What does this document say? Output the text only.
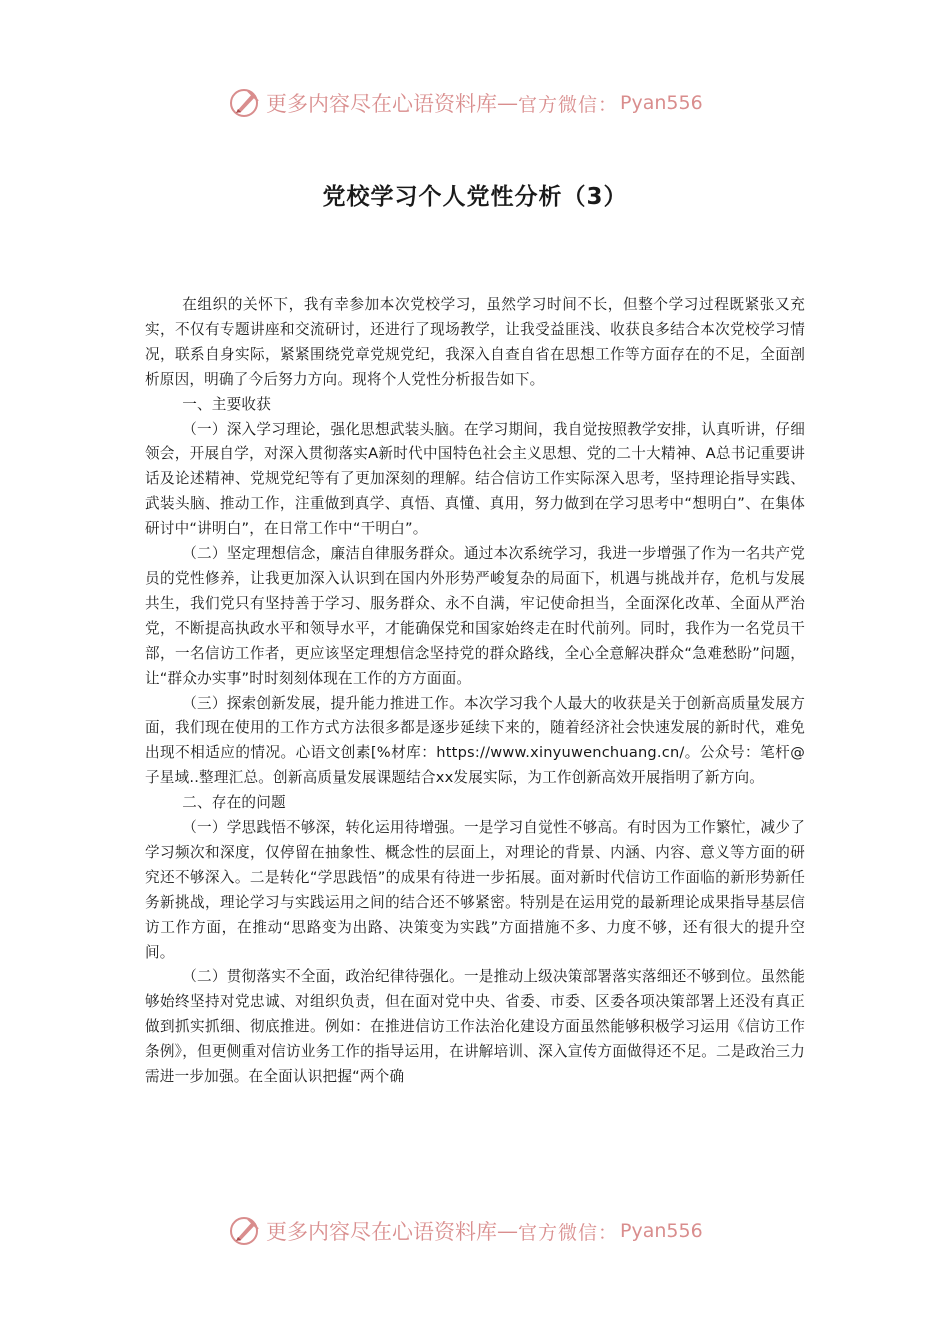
更多内容尽在心语资料库 — 官方微信： Pyan556
党校学习个人党性分析（3）

在组织的关怀下，我有幸参加本次党校学习，虽然学习时间不长，但整个学习过程既紧张又充实，不仅有专题讲座和交流研讨，还进行了现场教学，让我受益匪浅、收获良多结合本次党校学习情况，联系自身实际，紧紧围绕党章党规党纪，我深入自查自省在思想工作等方面存在的不足，全面剖析原因，明确了今后努力方向。现将个人党性分析报告如下。

一、主要收获

（一）深入学习理论，强化思想武装头脑。在学习期间，我自觉按照教学安排，认真听讲，仔细领会，开展自学，对深入贯彻落实A新时代中国特色社会主义思想、党的二十大精神、A总书记重要讲话及论述精神、党规党纪等有了更加深刻的理解。结合信访工作实际深入思考，坚持理论指导实践、武装头脑、推动工作，注重做到真学、真悟、真懂、真用，努力做到在学习思考中“想明白”、在集体研讨中“讲明白”，在日常工作中“干明白”。

（二）坚定理想信念，廉洁自律服务群众。通过本次系统学习，我进一步增强了作为一名共产党员的党性修养，让我更加深入认识到在国内外形势严峻复杂的局面下，机遇与挑战并存，危机与发展共生，我们党只有坚持善于学习、服务群众、永不自满，牢记使命担当，全面深化改革、全面从严治党，不断提高执政水平和领导水平，才能确保党和国家始终走在时代前列。同时，我作为一名党员干部，一名信访工作者，更应该坚定理想信念坚持党的群众路线，全心全意解决群众“急难愁盼”问题，让“群众办实事”时时刻刻体现在工作的方方面面。

（三）探索创新发展，提升能力推进工作。本次学习我个人最大的收获是关于创新高质量发展方面，我们现在使用的工作方式方法很多都是逐步延续下来的，随着经济社会快速发展的新时代，难免出现不相适应的情况。心语文创素[%材库：https://www.xinyuwenchuang.cn/。公众号：笔杆@子星域..整理汇总。创新高质量发展课题结合xx发展实际，为工作创新高效开展指明了新方向。

二、存在的问题

（一）学思践悟不够深，转化运用待增强。一是学习自觉性不够高。有时因为工作繁忙，减少了学习频次和深度，仅停留在抽象性、概念性的层面上，对理论的背景、内涵、内容、意义等方面的研究还不够深入。二是转化“学思践悟”的成果有待进一步拓展。面对新时代信访工作面临的新形势新任务新挑战，理论学习与实践运用之间的结合还不够紧密。特别是在运用党的最新理论成果指导基层信访工作方面，在推动“思路变为出路、决策变为实践”方面措施不多、力度不够，还有很大的提升空间。

（二）贯彻落实不全面，政治纪律待强化。一是推动上级决策部署落实落细还不够到位。虽然能够始终坚持对党忠诚、对组织负责，但在面对党中央、省委、市委、区委各项决策部署上还没有真正做到抓实抓细、彻底推进。例如：在推进信访工作法治化建设方面虽然能够积极学习运用《信访工作条例》，但更侧重对信访业务工作的指导运用，在讲解培训、深入宣传方面做得还不足。二是政治三力需进一步加强。在全面认识把握“两个确

更多内容尽在心语资料库 — 官方微信： Pyan556
